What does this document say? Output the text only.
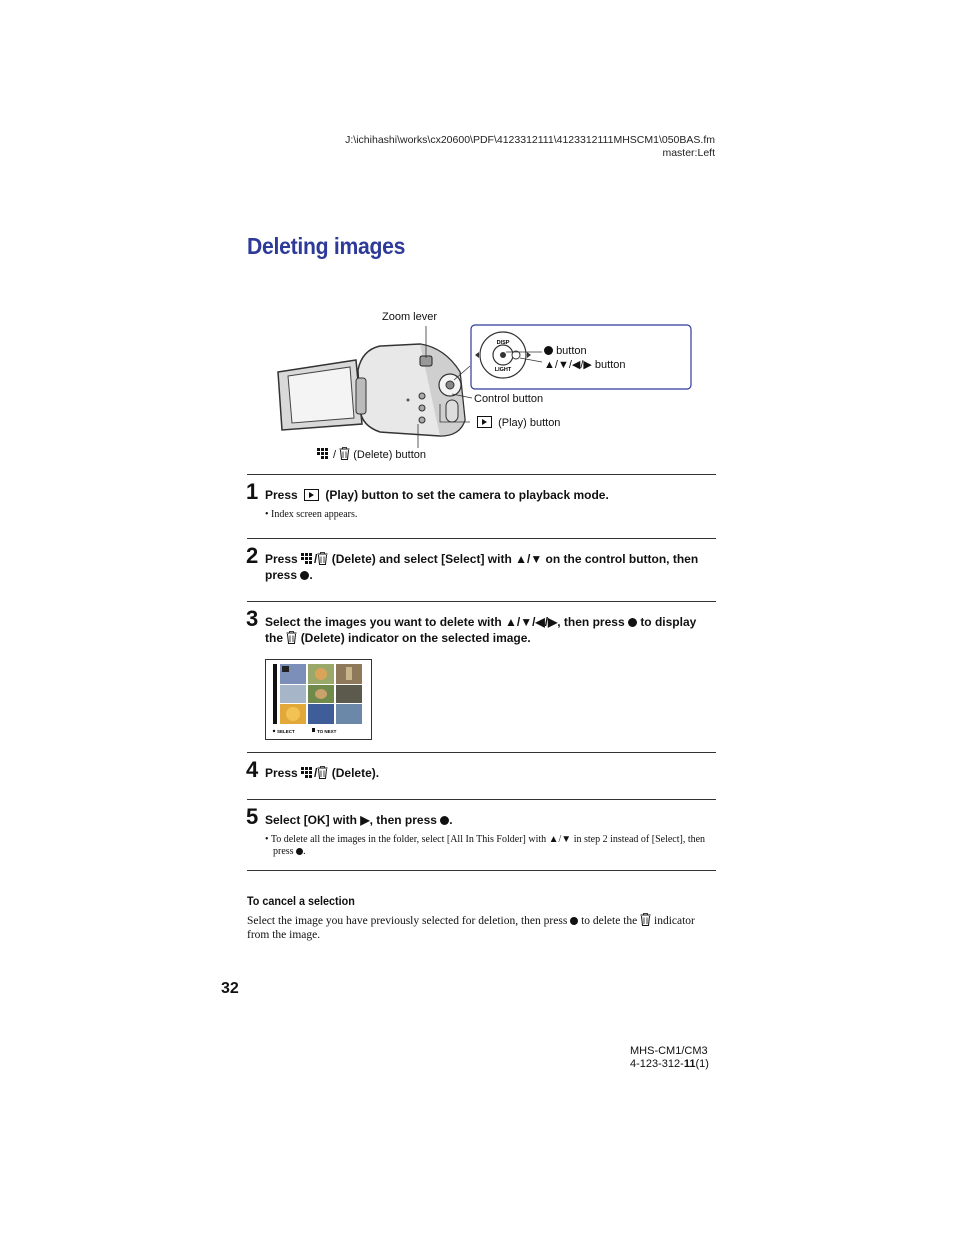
J:\ichihashi\works\cx20600\PDF\4123312111\4123312111MHSCM1\050BAS.fm
master:Left
Deleting images
DISP
LIGHT
Zoom lever
button
▲/▼/◀/▶ button
Control button
(Play) button
/  (Delete) button
1 Press (Play) button to set the camera to playback mode.
• Index screen appears.
2 Press / (Delete) and select [Select] with ▲/▼ on the control button, then press .
3 Select the images you want to delete with ▲/▼/◀/▶, then press to display the (Delete) indicator on the selected image.
SELECT	TO NEXT
4 Press / (Delete).
5 Select [OK] with ▶, then press .
• To delete all the images in the folder, select [All In This Folder] with ▲/▼ in step 2 instead of [Select], then press .
To cancel a selection
Select the image you have previously selected for deletion, then press to delete the indicator from the image.
32
MHS-CM1/CM3
4-123-312-11(1)
